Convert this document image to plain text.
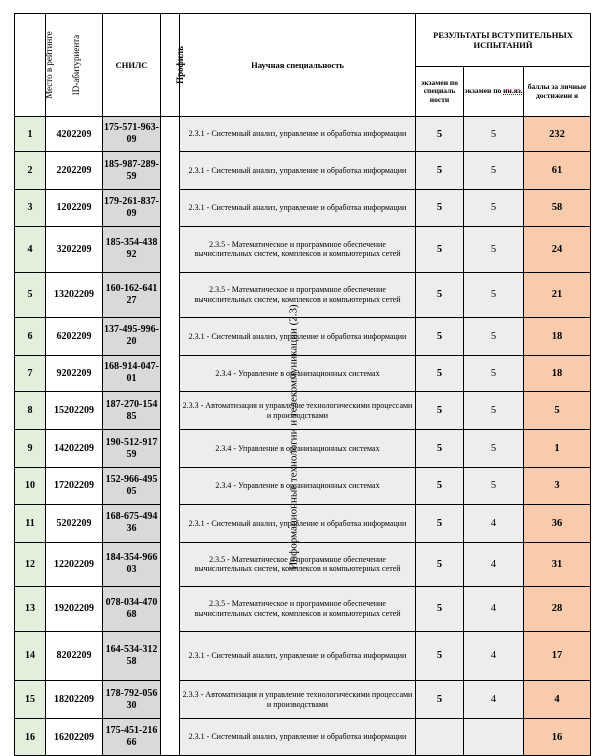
Место в рейтинге	ID-абитуриента	СНИЛС	Профиль	Научная специальность	РЕЗУЛЬТАТЫ ВСТУПИТЕЛЬНЫХ ИСПЫТАНИЙ		
					экзамен по специаль ности	экзамен по ин.яз.	баллы за личные достижени я
1	4202209	175-571-963-09	Информационные технологии и телекоммуникации (2.3)	2.3.1 - Системный анализ, управление и обработка информации	5	5	232
2	2202209	185-987-289-59		2.3.1 - Системный анализ, управление и обработка информации	5	5	61
3	1202209	179-261-837-09		2.3.1 - Системный анализ, управление и обработка информации	5	5	58
4	3202209	185-354-438 92		2.3.5 - Математическое и программное обеспечение вычислительных систем, комплексов и компьютерных сетей	5	5	24
5	13202209	160-162-641 27		2.3.5 - Математическое и программное обеспечение вычислительных систем, комплексов и компьютерных сетей	5	5	21
6	6202209	137-495-996-20		2.3.1 - Системный анализ, управление и обработка информации	5	5	18
7	9202209	168-914-047-01		2.3.4 - Управление в организационных системах	5	5	18
8	15202209	187-270-154 85		2.3.3 - Автоматизация и управление технологическими процессами и производствами	5	5	5
9	14202209	190-512-917 59		2.3.4 - Управление в организационных системах	5	5	1
10	17202209	152-966-495 05		2.3.4 - Управление в организационных системах	5	5	3
11	5202209	168-675-494 36		2.3.1 - Системный анализ, управление и обработка информации	5	4	36
12	12202209	184-354-966 03		2.3.5 - Математическое и программное обеспечение вычислительных систем, комплексов и компьютерных сетей	5	4	31
13	19202209	078-034-470 68		2.3.5 - Математическое и программное обеспечение вычислительных систем, комплексов и компьютерных сетей	5	4	28
14	8202209	164-534-312 58		2.3.1 - Системный анализ, управление и обработка информации	5	4	17
15	18202209	178-792-056 30		2.3.3 - Автоматизация и управление технологическими процессами и производствами	5	4	4
16	16202209	175-451-216 66		2.3.1 - Системный анализ, управление и обработка информации			16
